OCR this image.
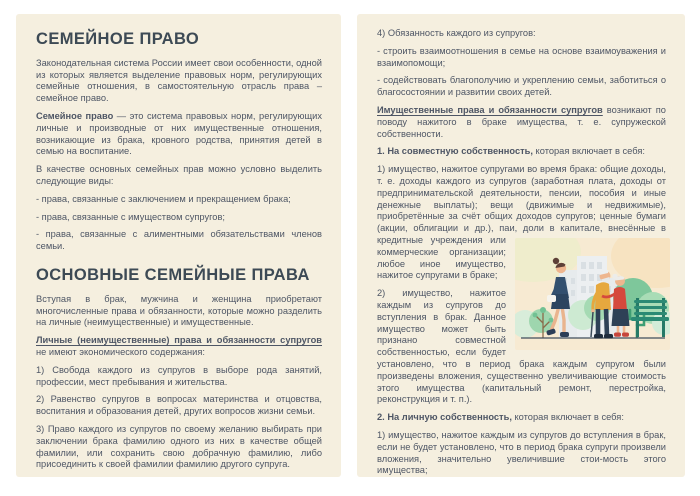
СЕМЕЙНОЕ ПРАВО

Законодательная система России имеет свои особенности, одной из которых является выделение правовых норм, регулирующих семейные отношения, в самостоятельную отрасль права – семейное право.

Семейное право — это система правовых норм, регулирующих личные и производные от них имущественные отношения, возникающие из брака, кровного родства, принятия детей в семью на воспитание.

В качестве основных семейных прав можно условно выделить следующие виды:

- права, связанные с заключением и прекращением брака;

- права, связанные с имуществом супругов;

- права, связанные с алиментными обязательствами членов семьи.

ОСНОВНЫЕ СЕМЕЙНЫЕ ПРАВА

Вступая в брак, мужчина и женщина приобретают многочисленные права и обязанности, которые можно разделить на личные (неимущественные) и имущественные.

Личные (неимущественные) права и обязанности супругов не имеют экономического содержания:

1) Свобода каждого из супругов в выборе рода занятий, профессии, мест пребывания и жительства.

2) Равенство супругов в вопросах материнства и отцовства, воспитания и образования детей, других вопросов жизни семьи.

3) Право каждого из супругов по своему желанию выбирать при заключении брака фамилию одного из них в качестве общей фамилии, или сохранить свою добрачную фамилию, либо присоединить к своей фамилии фамилию другого супруга.

4) Обязанность каждого из супругов:

- строить взаимоотношения в семье на основе взаимоуважения и взаимопомощи;

- содействовать благополучию и укреплению семьи, заботиться о благосостоянии и развитии своих детей.

Имущественные права и обязанности супругов возникают по поводу нажитого в браке имущества, т. е. супружеской собственности.

1. На совместную собственность, которая включает в себя:

1) имущество, нажитое супругами во время брака: общие доходы, т. е. доходы каждого из супругов (заработная плата, доходы от предпринимательской деятельности, пенсии, пособия и иные денежные выплаты); вещи (движимые и недвижимые), приобретённые за счёт общих доходов супругов; ценные бумаги (акции, облигации и др.), паи, доли в капитале, внесённые в
кредитные учреждения или коммерческие организации; любое иное имущество, нажитое супругами в браке;

2) имущество, нажитое каждым из супругов до вступления в брак. Данное имущество может быть признано совместной собственностью, если будет установлено, что в период брака каждым супругом были произведены вложения, существенно увеличивающие стоимость этого имущества (капитальный ремонт, перестройка, реконструкция и т. п.).

2. На личную собственность, которая включает в себя:

1) имущество, нажитое каждым из супругов до вступления в брак, если не будет установлено, что в период брака супруги произвели вложения, значительно увеличившие стои-мость этого имущества;
